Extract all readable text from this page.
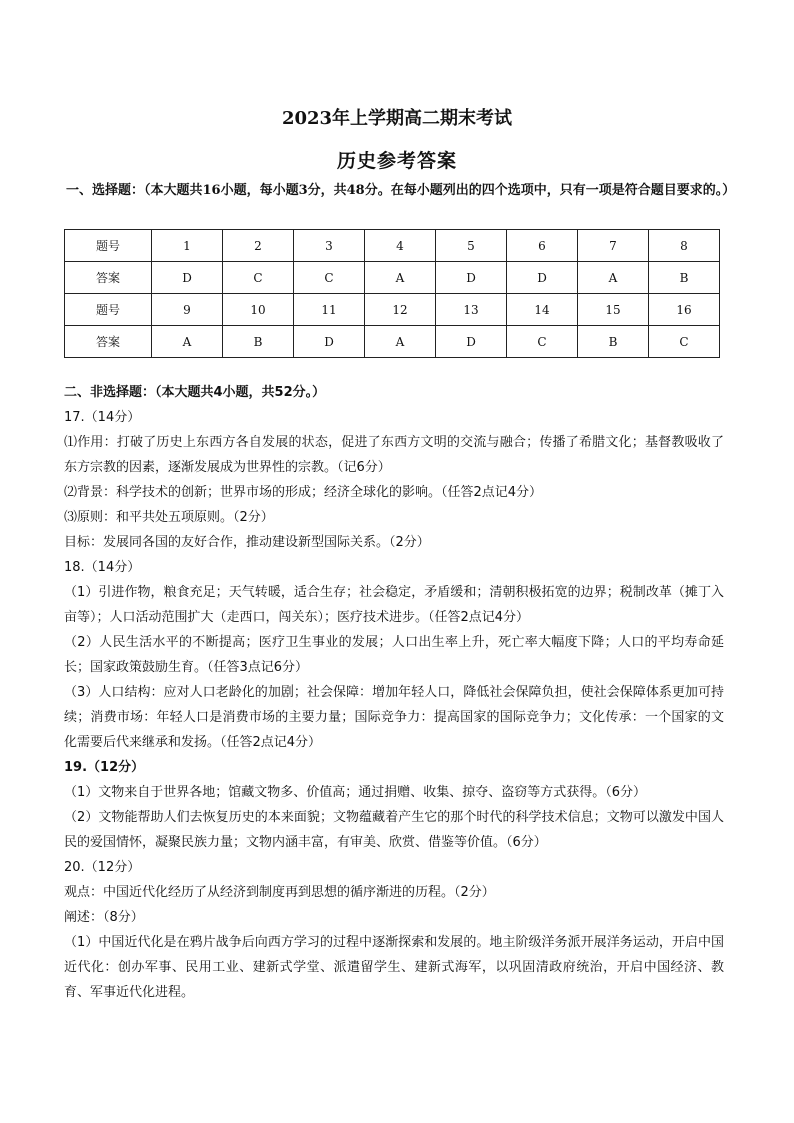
2023年上学期高二期末考试
历史参考答案
一、选择题：（本大题共16小题，每小题3分，共48分。在每小题列出的四个选项中，只有一项是符合题目要求的。）
题号	1	2	3	4	5	6	7	8
答案	D	C	C	A	D	D	A	B
题号	9	10	11	12	13	14	15	16
答案	A	B	D	A	D	C	B	C

二、非选择题：（本大题共4小题，共52分。）

17.（14分）

⑴作用：打破了历史上东西方各自发展的状态，促进了东西方文明的交流与融合；传播了希腊文化；基督教吸收了东方宗教的因素，逐渐发展成为世界性的宗教。（记6分）

⑵背景：科学技术的创新；世界市场的形成；经济全球化的影响。（任答2点记4分）

⑶原则：和平共处五项原则。（2分）

目标：发展同各国的友好合作，推动建设新型国际关系。（2分）

18.（14分）

（1）引进作物，粮食充足；天气转暖，适合生存；社会稳定，矛盾缓和；清朝积极拓宽的边界；税制改革（摊丁入亩等）；人口活动范围扩大（走西口，闯关东）；医疗技术进步。（任答2点记4分）

（2）人民生活水平的不断提高；医疗卫生事业的发展；人口出生率上升，死亡率大幅度下降；人口的平均寿命延长；国家政策鼓励生育。（任答3点记6分）

（3）人口结构：应对人口老龄化的加剧；社会保障：增加年轻人口，降低社会保障负担，使社会保障体系更加可持续；消费市场：年轻人口是消费市场的主要力量；国际竞争力：提高国家的国际竞争力；文化传承：一个国家的文化需要后代来继承和发扬。（任答2点记4分）

19.（12分）

（1）文物来自于世界各地；馆藏文物多、价值高；通过捐赠、收集、掠夺、盗窃等方式获得。（6分）

（2）文物能帮助人们去恢复历史的本来面貌；文物蕴藏着产生它的那个时代的科学技术信息；文物可以激发中国人民的爱国情怀，凝聚民族力量；文物内涵丰富，有审美、欣赏、借鉴等价值。（6分）

20.（12分）

观点：中国近代化经历了从经济到制度再到思想的循序渐进的历程。（2分）

阐述：（8分）

（1）中国近代化是在鸦片战争后向西方学习的过程中逐渐探索和发展的。地主阶级洋务派开展洋务运动，开启中国近代化：创办军事、民用工业、建新式学堂、派遣留学生、建新式海军，以巩固清政府统治，开启中国经济、教育、军事近代化进程。
